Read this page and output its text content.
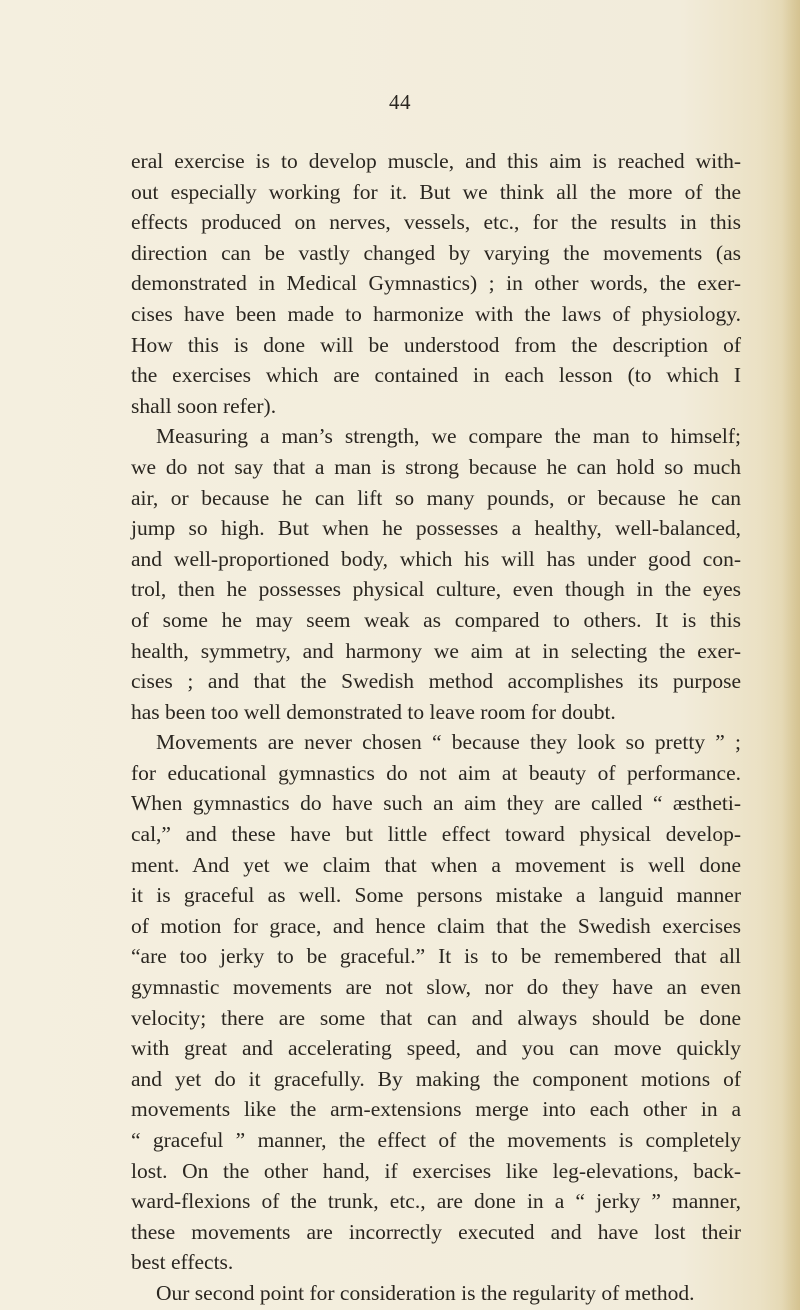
44
eral exercise is to develop muscle, and this aim is reached with-
out especially working for it. But we think all the more of the
effects produced on nerves, vessels, etc., for the results in this
direction can be vastly changed by varying the movements (as
demonstrated in Medical Gymnastics) ; in other words, the exer-
cises have been made to harmonize with the laws of physiology.
How this is done will be understood from the description of
the exercises which are contained in each lesson (to which I
shall soon refer).
Measuring a man’s strength, we compare the man to himself;
we do not say that a man is strong because he can hold so much
air, or because he can lift so many pounds, or because he can
jump so high. But when he possesses a healthy, well-balanced,
and well-proportioned body, which his will has under good con-
trol, then he possesses physical culture, even though in the eyes
of some he may seem weak as compared to others. It is this
health, symmetry, and harmony we aim at in selecting the exer-
cises ; and that the Swedish method accomplishes its purpose
has been too well demonstrated to leave room for doubt.
Movements are never chosen “ because they look so pretty ” ;
for educational gymnastics do not aim at beauty of performance.
When gymnastics do have such an aim they are called “ æstheti-
cal,” and these have but little effect toward physical develop-
ment. And yet we claim that when a movement is well done
it is graceful as well. Some persons mistake a languid manner
of motion for grace, and hence claim that the Swedish exercises
“are too jerky to be graceful.” It is to be remembered that all
gymnastic movements are not slow, nor do they have an even
velocity; there are some that can and always should be done
with great and accelerating speed, and you can move quickly
and yet do it gracefully. By making the component motions of
movements like the arm-extensions merge into each other in a
“ graceful ” manner, the effect of the movements is completely
lost. On the other hand, if exercises like leg-elevations, back-
ward-flexions of the trunk, etc., are done in a “ jerky ” manner,
these movements are incorrectly executed and have lost their
best effects.
Our second point for consideration is the regularity of method.
